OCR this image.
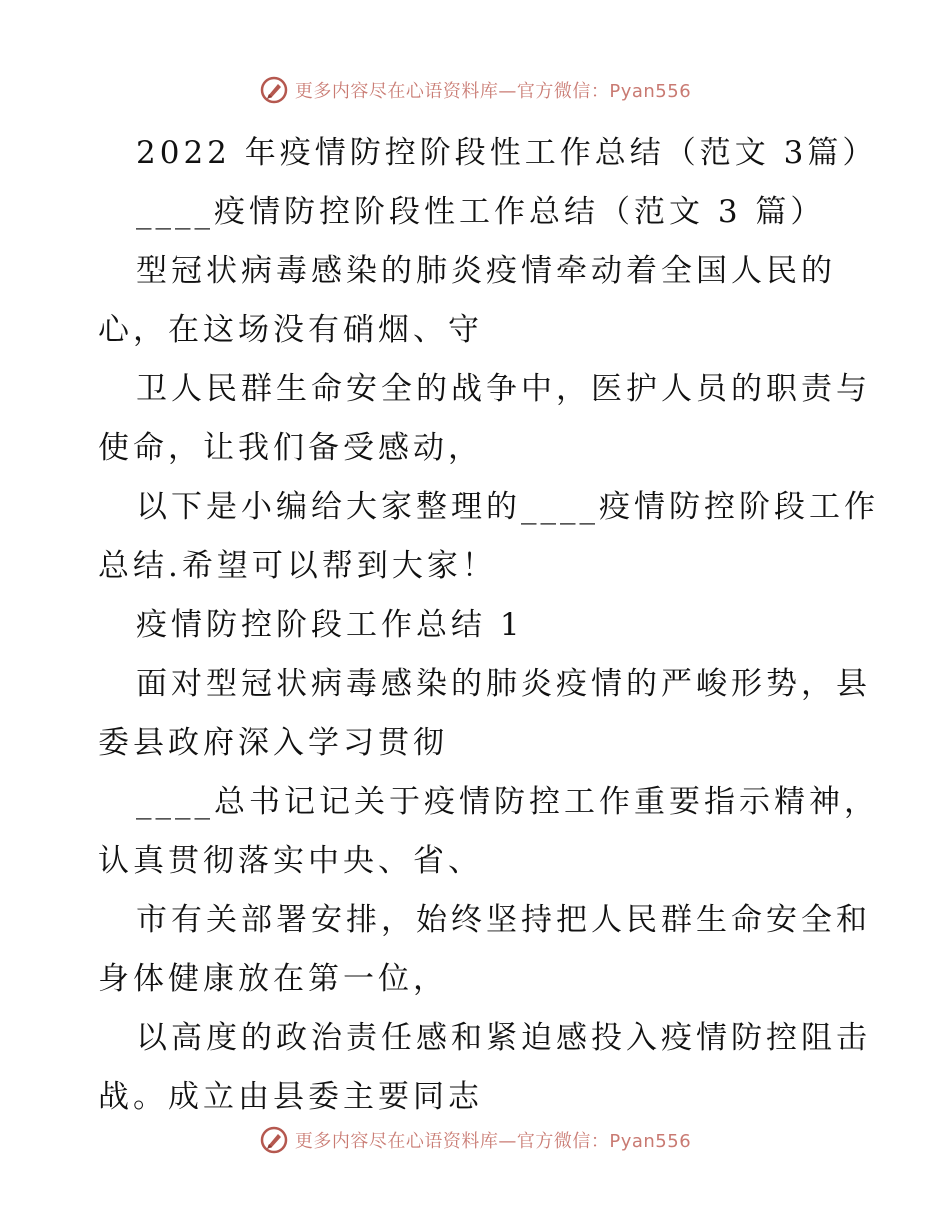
更多内容尽在心语资料库—官方微信：Pyan556
2022 年疫情防控阶段性工作总结（范文 3篇）
____疫情防控阶段性工作总结（范文 3 篇）
型冠状病毒感染的肺炎疫情牵动着全国人民的
心，在这场没有硝烟、守
卫人民群生命安全的战争中，医护人员的职责与
使命，让我们备受感动，
以下是小编给大家整理的____疫情防控阶段工作
总结.希望可以帮到大家！
疫情防控阶段工作总结 1
面对型冠状病毒感染的肺炎疫情的严峻形势，县
委县政府深入学习贯彻
____总书记记关于疫情防控工作重要指示精神，
认真贯彻落实中央、省、
市有关部署安排，始终坚持把人民群生命安全和
身体健康放在第一位，
以高度的政治责任感和紧迫感投入疫情防控阻击
战。成立由县委主要同志
更多内容尽在心语资料库—官方微信：Pyan556
